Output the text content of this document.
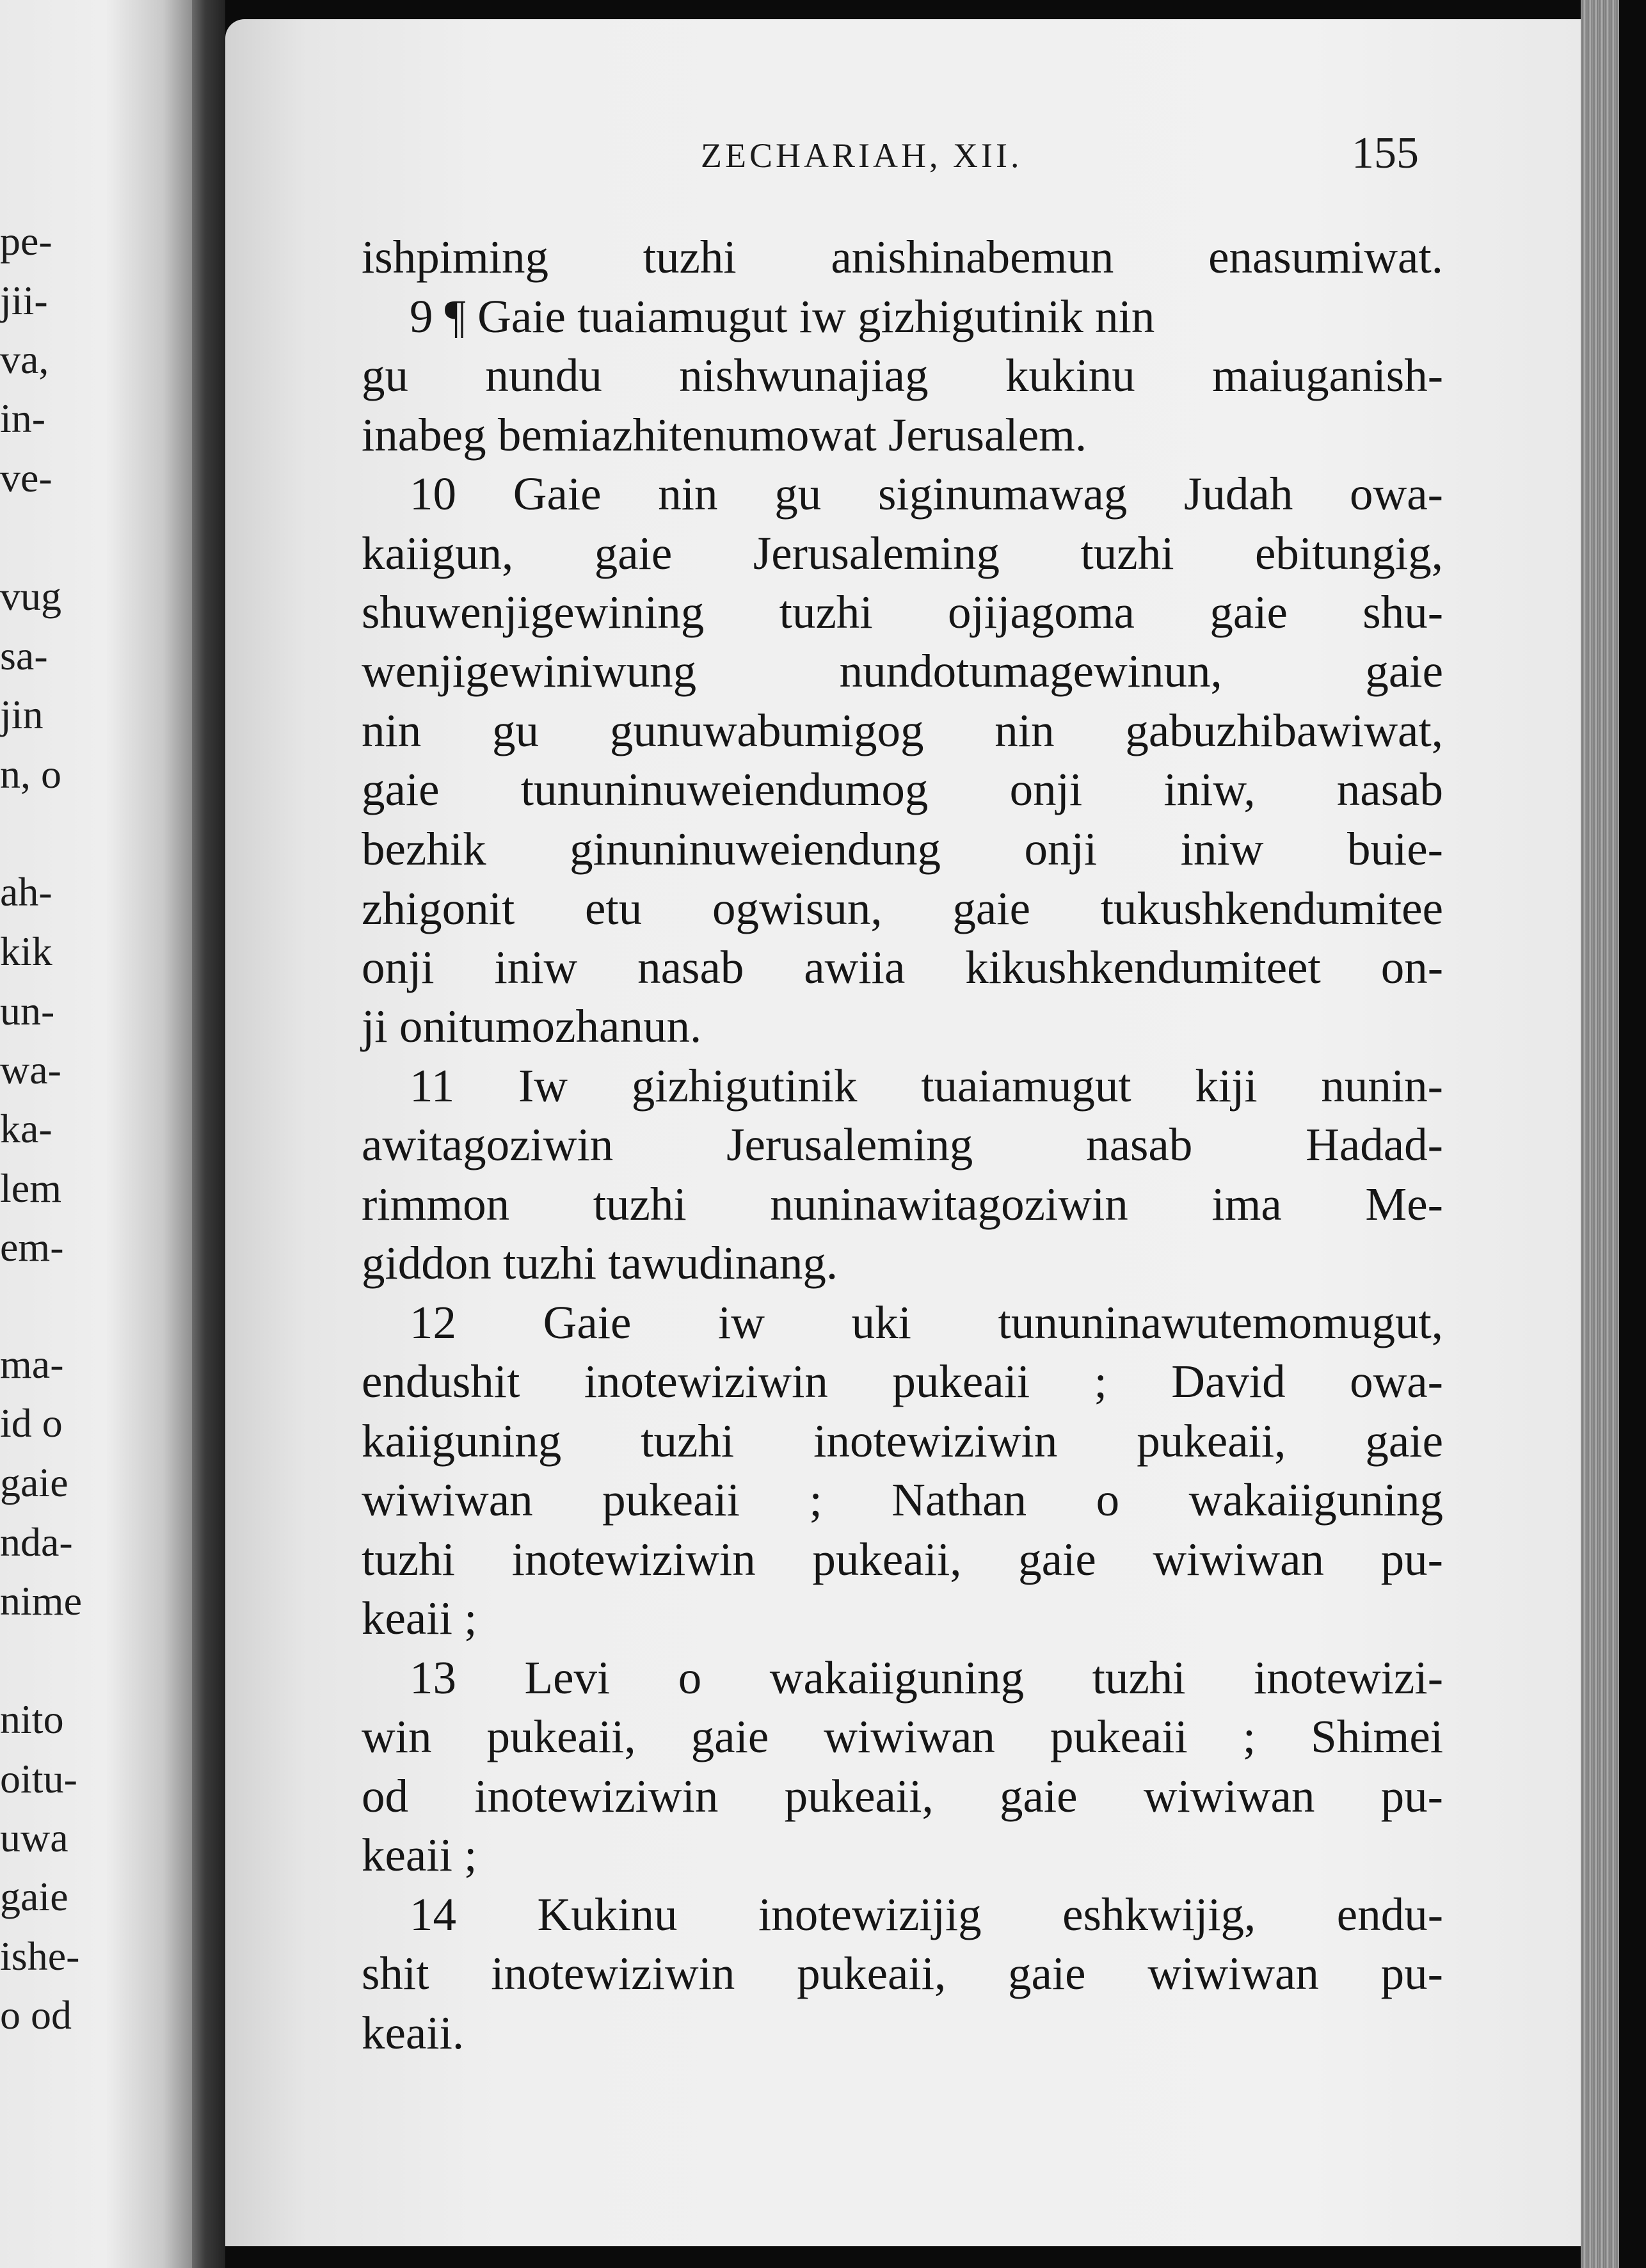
pe-
jii-
va,
in-
ve-
vug
sa-
jin
n, o
ah-
kik
un-
wa-
ka-
lem
em-
ma-
id o
gaie
nda-
nime
nito
oitu-
uwa
gaie
ishe-
o od
ZECHARIAH, XII.	155
ishpiming tuzhi anishinabemun enasumiwat.
9 ¶ Gaie tuaiamugut iw gizhigutinik nin
gu nundu nishwunajiag kukinu maiuganish-
inabeg bemiazhitenumowat Jerusalem.
10 Gaie nin gu siginumawag Judah owa-
kaiigun, gaie Jerusaleming tuzhi ebitungig,
shuwenjigewining tuzhi ojijagoma gaie shu-
wenjigewiniwung nundotumagewinun, gaie
nin gu gunuwabumigog nin gabuzhibawiwat,
gaie tununinuweiendumog onji iniw, nasab
bezhik ginuninuweiendung onji iniw buie-
zhigonit etu ogwisun, gaie tukushkendumitee
onji iniw nasab awiia kikushkendumiteet on-
ji onitumozhanun.
11 Iw gizhigutinik tuaiamugut kiji nunin-
awitagoziwin Jerusaleming nasab Hadad-
rimmon tuzhi nuninawitagoziwin ima Me-
giddon tuzhi tawudinang.
12 Gaie iw uki tununinawutemomugut,
endushit inotewiziwin pukeaii ; David owa-
kaiiguning tuzhi inotewiziwin pukeaii, gaie
wiwiwan pukeaii ; Nathan o wakaiiguning
tuzhi inotewiziwin pukeaii, gaie wiwiwan pu-
keaii ;
13 Levi o wakaiiguning tuzhi inotewizi-
win pukeaii, gaie wiwiwan pukeaii ; Shimei
od inotewiziwin pukeaii, gaie wiwiwan pu-
keaii ;
14 Kukinu inotewizijig eshkwijig, endu-
shit inotewiziwin pukeaii, gaie wiwiwan pu-
keaii.
